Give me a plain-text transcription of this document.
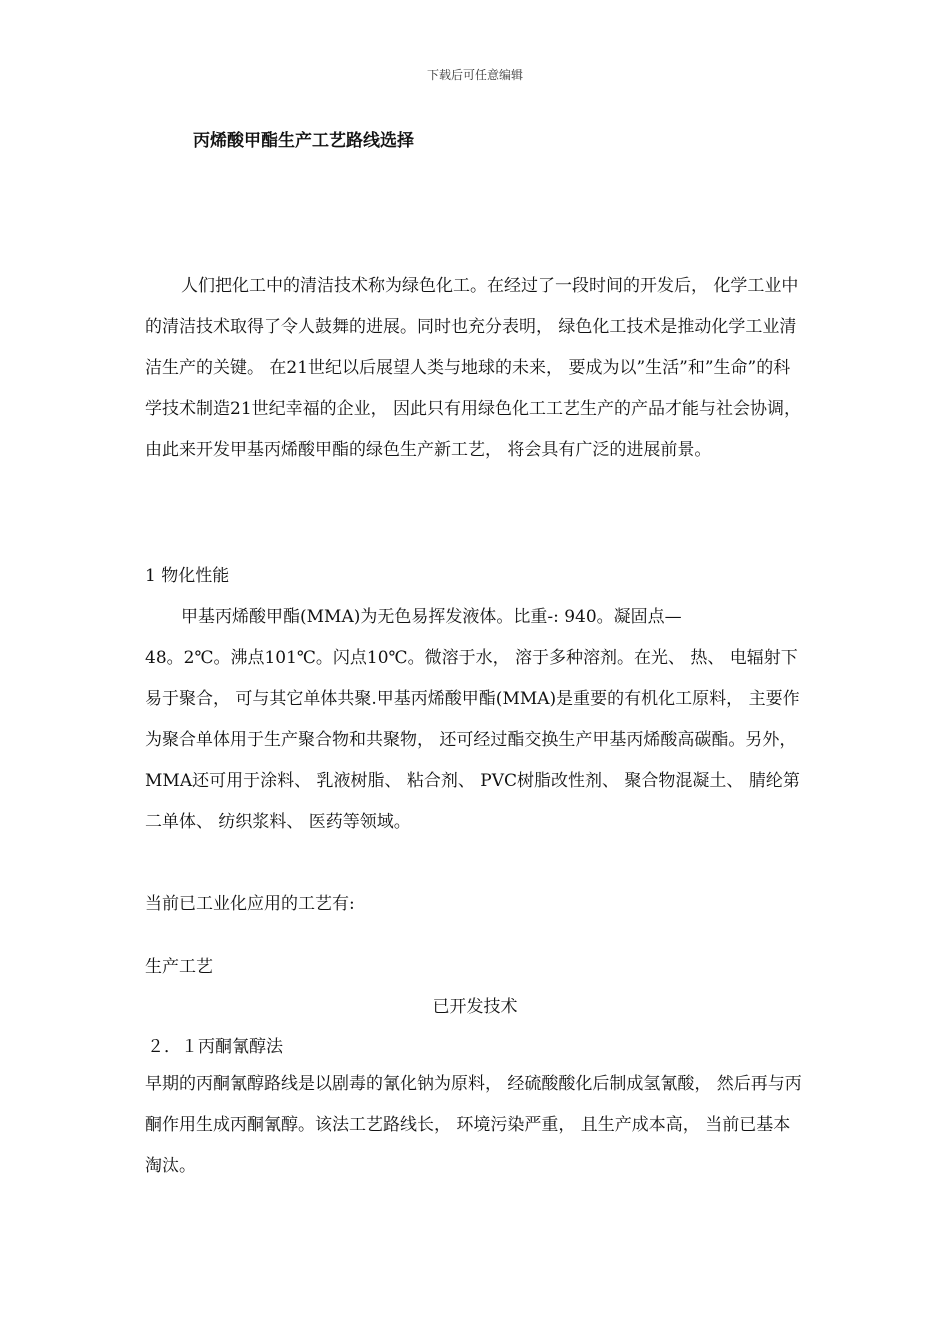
下载后可任意编辑
丙烯酸甲酯生产工艺路线选择

人们把化工中的清洁技术称为绿色化工。在经过了一段时间的开发后， 化学工业中的清洁技术取得了令人鼓舞的进展。同时也充分表明， 绿色化工技术是推动化学工业清洁生产的关键。 在21世纪以后展望人类与地球的未来， 要成为以”生活”和”生命”的科学技术制造21世纪幸福的企业， 因此只有用绿色化工工艺生产的产品才能与社会协调， 由此来开发甲基丙烯酸甲酯的绿色生产新工艺， 将会具有广泛的进展前景。

1 物化性能
甲基丙烯酸甲酯(MMA)为无色易挥发液体。比重-: 940。凝固点—
48。2℃。沸点101℃。闪点10℃。微溶于水， 溶于多种溶剂。在光、 热、 电辐射下易于聚合， 可与其它单体共聚.甲基丙烯酸甲酯(MMA)是重要的有机化工原料， 主要作为聚合单体用于生产聚合物和共聚物， 还可经过酯交换生产甲基丙烯酸高碳酯。另外， MMA还可用于涂料、 乳液树脂、 粘合剂、 PVC树脂改性剂、 聚合物混凝土、 腈纶第二单体、 纺织浆料、 医药等领域。
当前已工业化应用的工艺有:
生产工艺
已开发技术
２．１丙酮氰醇法

早期的丙酮氰醇路线是以剧毒的氰化钠为原料， 经硫酸酸化后制成氢氰酸， 然后再与丙酮作用生成丙酮氰醇。该法工艺路线长， 环境污染严重， 且生产成本高， 当前已基本淘汰。
